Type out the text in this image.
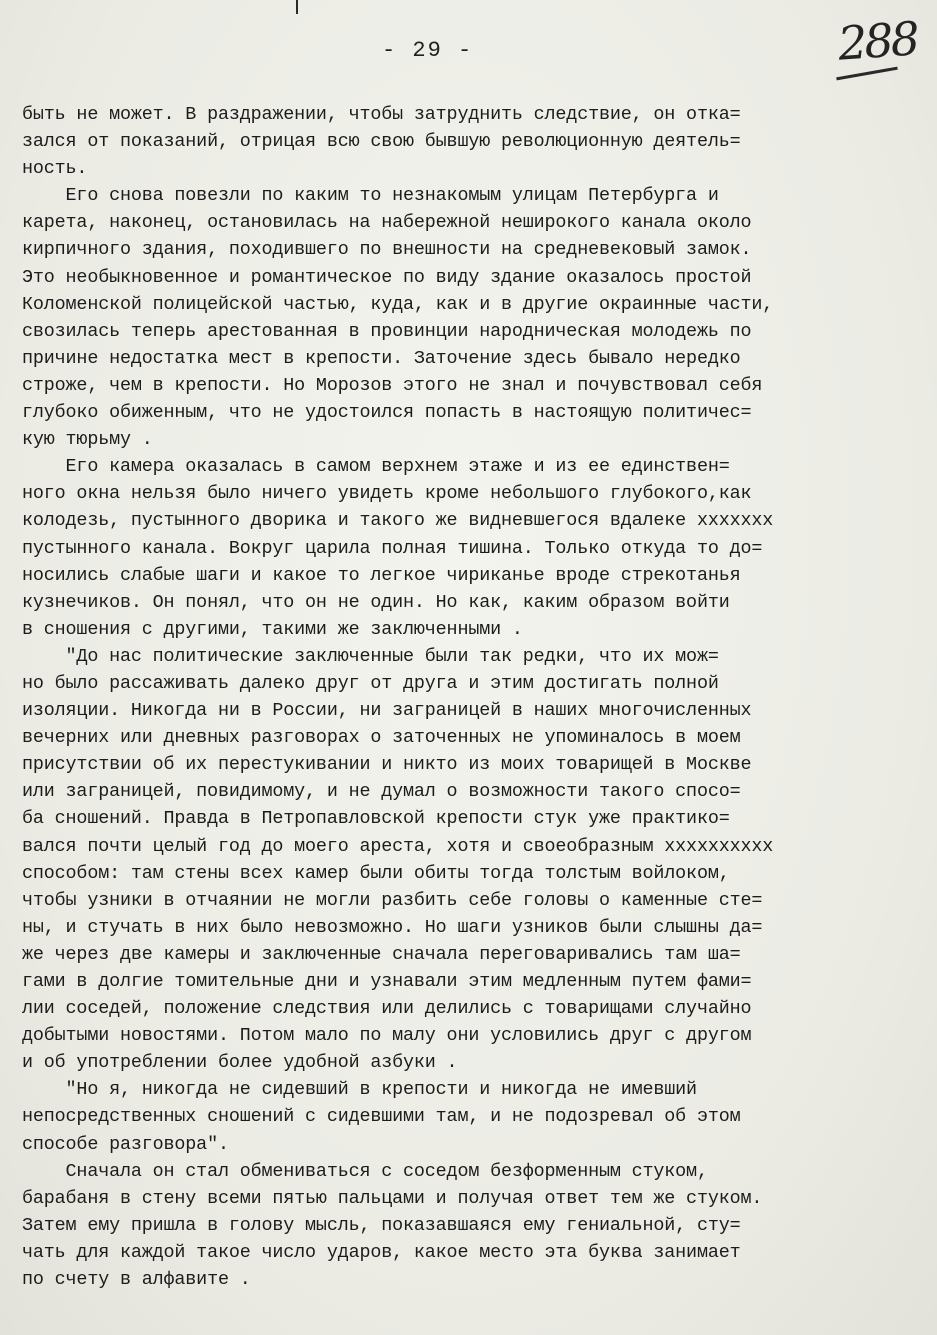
- 29 -	288
быть не может. В раздражении, чтобы затруднить следствие, он отка=
зался от показаний, отрицая всю свою бывшую революционную деятель=
ность.
Его снова повезли по каким то незнакомым улицам Петербурга и
карета, наконец, остановилась на набережной неширокого канала около
кирпичного здания, походившего по внешности на средневековый замок.
Это необыкновенное и романтическое по виду здание оказалось простой
Коломенской полицейской частью, куда, как и в другие окраинные части,
свозилась теперь арестованная в провинции народническая молодежь по
причине недостатка мест в крепости. Заточение здесь бывало нередко
строже, чем в крепости. Но Морозов этого не знал и почувствовал себя
глубоко обиженным, что не удостоился попасть в настоящую политичес=
кую тюрьму .
Его камера оказалась в самом верхнем этаже и из ее единствен=
ного окна нельзя было ничего увидеть кроме небольшого глубокого,как
колодезь, пустынного дворика и такого же видневшегося вдалеке xxxxxxx
пустынного канала. Вокруг царила полная тишина. Только откуда то до=
носились слабые шаги и какое то легкое чириканье вроде стрекотанья
кузнечиков. Он понял, что он не один. Но как, каким образом войти
в сношения с другими, такими же заключенными .
"До нас политические заключенные были так редки, что их мож=
но было рассаживать далеко друг от друга и этим достигать полной
изоляции. Никогда ни в России, ни заграницей в наших многочисленных
вечерних или дневных разговорах о заточенных не упоминалось в моем
присутствии об их перестукивании и никто из моих товарищей в Москве
или заграницей, повидимому, и не думал о возможности такого спосо=
ба сношений. Правда в Петропавловской крепости стук уже практико=
вался почти целый год до моего ареста, хотя и своеобразным xxxxxxxxxx
способом: там стены всех камер были обиты тогда толстым войлоком,
чтобы узники в отчаянии не могли разбить себе головы о каменные сте=
ны, и стучать в них было невозможно. Но шаги узников были слышны да=
же через две камеры и заключенные сначала переговаривались там ша=
гами в долгие томительные дни и узнавали этим медленным путем фами=
лии соседей, положение следствия или делились с товарищами случайно
добытыми новостями. Потом мало по малу они условились друг с другом
и об употреблении более удобной азбуки .
"Но я, никогда не сидевший в крепости и никогда не имевший
непосредственных сношений с сидевшими там, и не подозревал об этом
способе разговора".
Сначала он стал обмениваться с соседом безформенным стуком,
барабаня в стену всеми пятью пальцами и получая ответ тем же стуком.
Затем ему пришла в голову мысль, показавшаяся ему гениальной, сту=
чать для каждой такое число ударов, какое место эта буква занимает
по счету в алфавите .
